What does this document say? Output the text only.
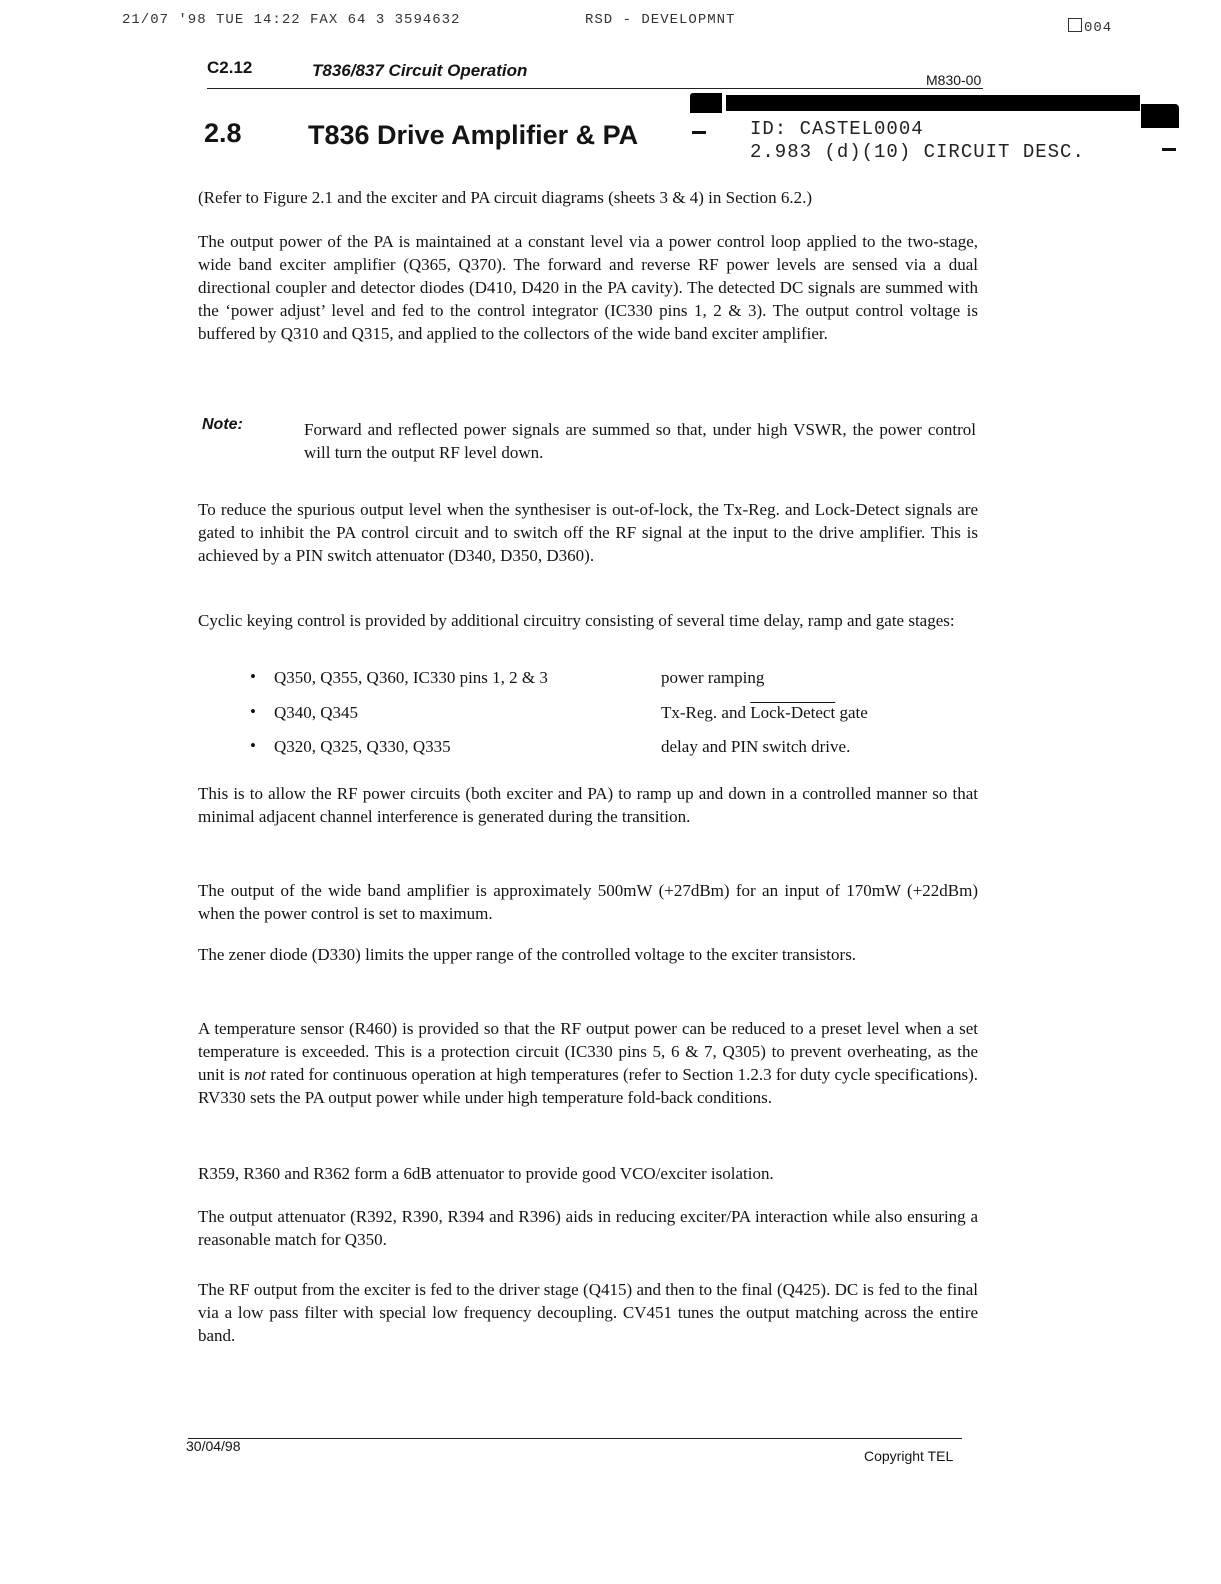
21/07 '98 TUE 14:22 FAX 64 3 3594632	RSD - DEVELOPMNT	004
C2.12	T836/837 Circuit Operation	M830-00
2.8 T836 Drive Amplifier & PA	ID: CASTEL0004
2.983 (d)(10) CIRCUIT DESC.

(Refer to Figure 2.1 and the exciter and PA circuit diagrams (sheets 3 & 4) in Section 6.2.)

The output power of the PA is maintained at a constant level via a power control loop applied to the two-stage, wide band exciter amplifier (Q365, Q370). The forward and reverse RF power levels are sensed via a dual directional coupler and detector diodes (D410, D420 in the PA cavity). The detected DC signals are summed with the ‘power adjust’ level and fed to the control integrator (IC330 pins 1, 2 & 3). The output control voltage is buffered by Q310 and Q315, and applied to the collectors of the wide band exciter amplifier.

Note:	Forward and reflected power signals are summed so that, under high VSWR, the power control will turn the output RF level down.

To reduce the spurious output level when the synthesiser is out-of-lock, the Tx-Reg. and Lock-Detect signals are gated to inhibit the PA control circuit and to switch off the RF signal at the input to the drive amplifier. This is achieved by a PIN switch attenuator (D340, D350, D360).

Cyclic keying control is provided by additional circuitry consisting of several time delay, ramp and gate stages:

• Q350, Q355, Q360, IC330 pins 1, 2 & 3	power ramping
• Q340, Q345	Tx-Reg. and Lock-Detect gate
• Q320, Q325, Q330, Q335	delay and PIN switch drive.

This is to allow the RF power circuits (both exciter and PA) to ramp up and down in a controlled manner so that minimal adjacent channel interference is generated during the transition.

The output of the wide band amplifier is approximately 500mW (+27dBm) for an input of 170mW (+22dBm) when the power control is set to maximum.

The zener diode (D330) limits the upper range of the controlled voltage to the exciter transistors.

A temperature sensor (R460) is provided so that the RF output power can be reduced to a preset level when a set temperature is exceeded. This is a protection circuit (IC330 pins 5, 6 & 7, Q305) to prevent overheating, as the unit is not rated for continuous operation at high temperatures (refer to Section 1.2.3 for duty cycle specifications). RV330 sets the PA output power while under high temperature fold-back conditions.

R359, R360 and R362 form a 6dB attenuator to provide good VCO/exciter isolation.

The output attenuator (R392, R390, R394 and R396) aids in reducing exciter/PA interaction while also ensuring a reasonable match for Q350.

The RF output from the exciter is fed to the driver stage (Q415) and then to the final (Q425). DC is fed to the final via a low pass filter with special low frequency decoupling. CV451 tunes the output matching across the entire band.

30/04/98
Copyright TEL
